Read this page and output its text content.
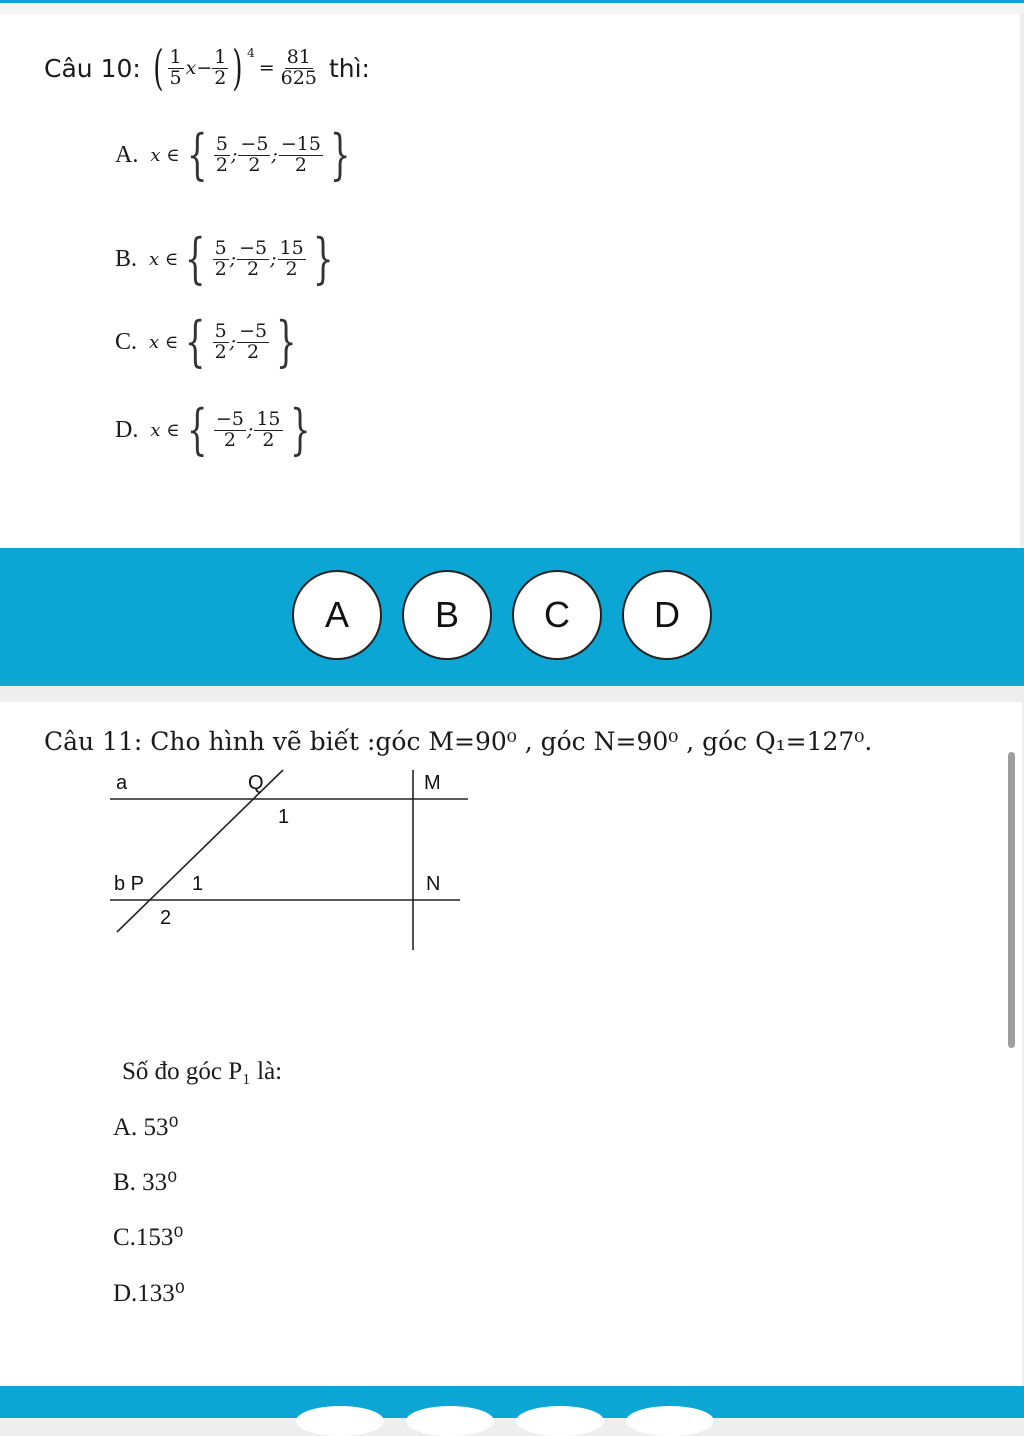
Câu 10: ( $\frac{1}{5}$ $x - \frac{1}{2}$ ) 4
= $\frac{81}{625}$ thì:
A. x ∈ { $\frac{5}{2}$ ; $\frac{-5}{2}$ ; $\frac{-15}{2}$ }
B. x ∈ { $\frac{5}{2}$ ; $\frac{-5}{2}$ ; $\frac{15}{2}$ }
C. x ∈ { $\frac{5}{2}$ ; $\frac{-5}{2}$ }
D. x ∈ { $\frac{-5}{2}$ ; $\frac{15}{2}$ }
A	B	C	D
Câu 11: Cho hình vẽ biết :góc M=90⁰ , góc N=90⁰ , góc Q₁=127⁰.
a	Q	M
1
b P 1	N
2
Số đo góc P₁ là:
A. 53⁰
B. 33⁰
C.153⁰
D.133⁰
